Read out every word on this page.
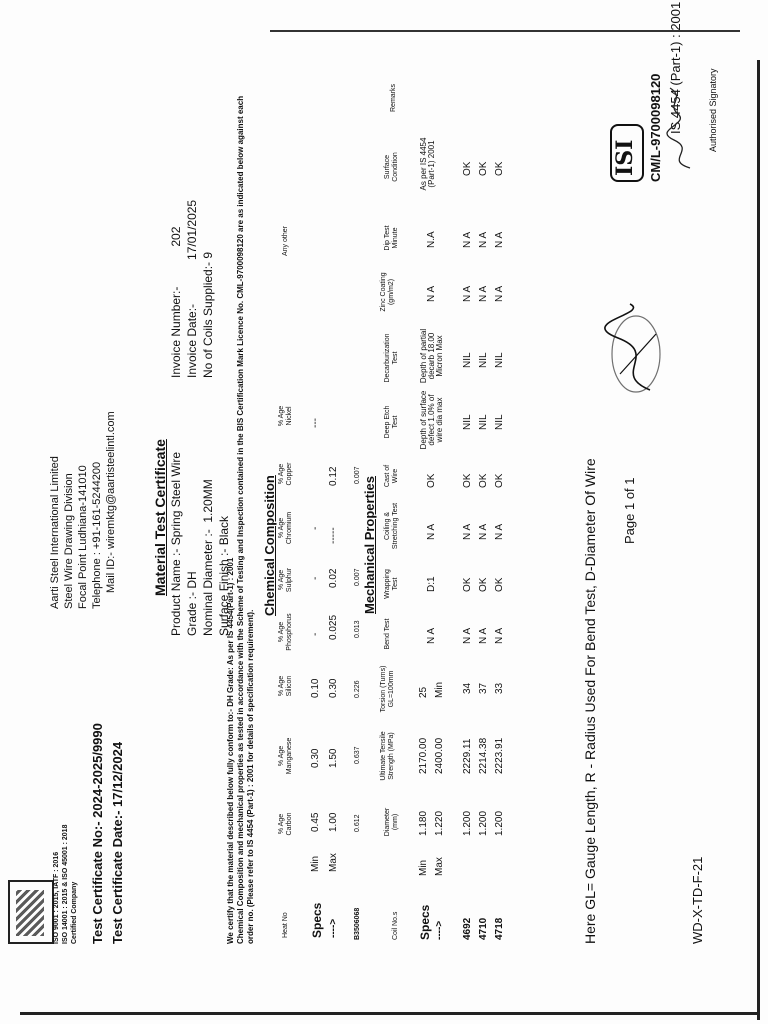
ISO 9001 : 2015, IATF : 2016 ISO 14001 : 2015 & ISO 45001 : 2018 Certified Company
Aarti Steel International Limited Steel Wire Drawing Division Focal Point Ludhiana-141010 Telephone : +91-161-5244200 Mail ID:- wiremktg@aartisteelintl.com
ISI CM/L-9700098120 IS 4454 (Part-1) : 2001
Test Certificate No:- 2024-2025/9990 Test Certificate Date:- 17/12/2024
Material Test Certificate Product Name :- Spring Steel Wire Grade :- DH Nominal Diameter :-  1.20MM
Surface Finish :- Black
Invoice Number:-202
Invoice Date:-17/01/2025
No of Coils Supplied:- 9
We certify that the material described below fully conform to:- DH Grade: As per IS 4454(Part-1) : 2001 Chemical Composition and mechanical properties as tested in accordance with the Scheme of Testing and Inspection contained in the BIS Certification Mark Licence No. CML-9700098120 are as indicated below against each order no. (Please refer to IS 4454 (Part-1) : 2001 for details of specification requirement).
Chemical Composition
Heat No
% Age Carbon
% Age Manganese
% Age Silicon
% Age Phosphorus
% Age Sulphur
% Age Chromium
% Age Copper
% Age Nickel
Any other
Specs ---->
Min Max
0.45
0.30
0.10
-
-
-
---
1.00
1.50
0.30
0.025
0.02
-----
0.12
B3506068
0.612
0.637
0.226
0.013
0.007
0.007
Mechanical Properties
Coil No.s
Diameter (mm)
Ultimate Tensile Strength (MPa)
Torsion (Turns) GL=100mm
Bend Test
Wrapping Test
Coiling & Stretching Test
Cast of Wire
Deep Etch Test
Decarburization Test
Zinc Coating (gm/m2)
Dip Test Minute
Surface Condition
Remarks
Specs ---->
Min Max
1.180
2170.00
25
1.220
2400.00
Min
N A
D:1
N A
OK
Depth of surface defect 1.0% of wire dia max
Depth of partial decarb 18.00 Micron Max
N A
N.A
As per IS 4454 (Part-1) 2001
4692
1.200
2229.11
34
N A
OK
N A
OK
NIL
NIL
N A
N A
OK
4710
1.200
2214.38
37
N A
OK
N A
OK
NIL
NIL
N A
N A
OK
4718
1.200
2223.91
33
N A
OK
N A
OK
NIL
NIL
N A
N A
OK
Here GL= Gauge Length, R - Radius Used For Bend Test, D-Diameter Of Wire Page 1 of 1
WD-X-TD-F-21
Authorised Signatory
